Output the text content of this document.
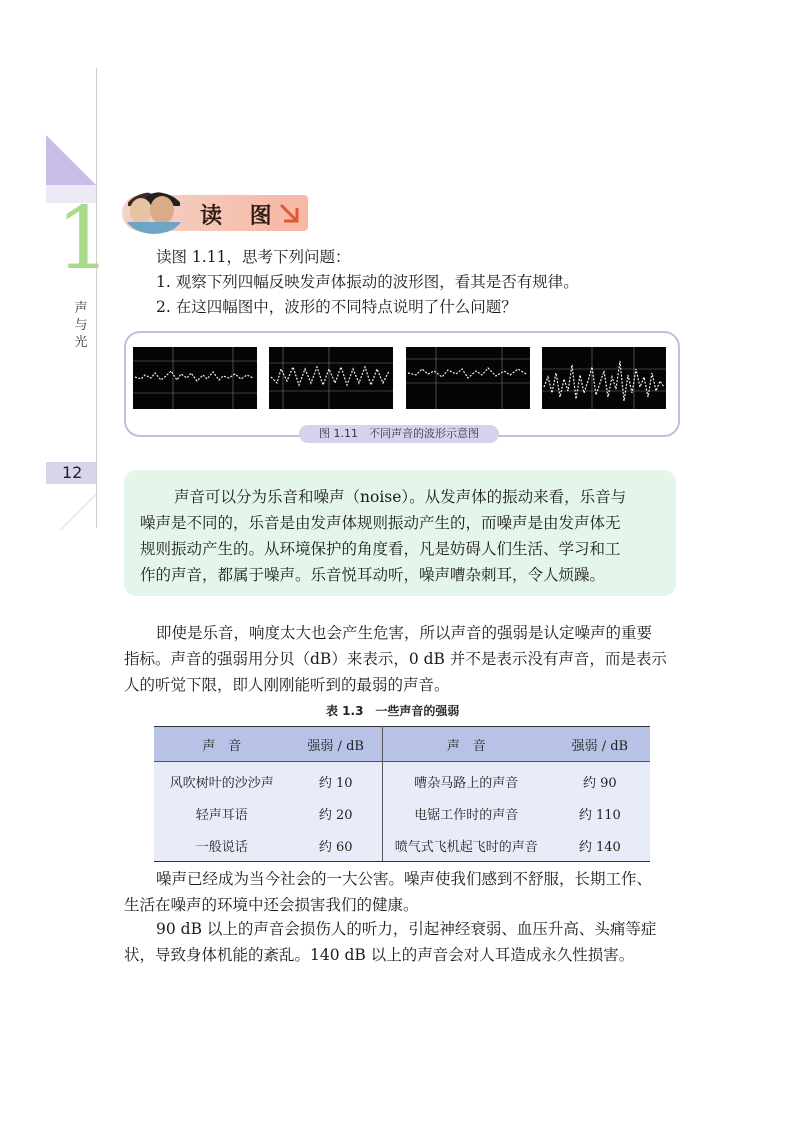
1
声与光
12
读 图
读图 1.11，思考下列问题：
1. 观察下列四幅反映发声体振动的波形图，看其是否有规律。
2. 在这四幅图中，波形的不同特点说明了什么问题？
图 1.11　不同声音的波形示意图
声音可以分为乐音和噪声（noise）。从发声体的振动来看，乐音与
噪声是不同的，乐音是由发声体规则振动产生的，而噪声是由发声体无
规则振动产生的。从环境保护的角度看，凡是妨碍人们生活、学习和工
作的声音，都属于噪声。乐音悦耳动听，噪声嘈杂刺耳，令人烦躁。
即使是乐音，响度太大也会产生危害，所以声音的强弱是认定噪声的重要
指标。声音的强弱用分贝（dB）来表示，0 dB 并不是表示没有声音，而是表示
人的听觉下限，即人刚刚能听到的最弱的声音。
表 1.3　一些声音的强弱
声　音	强弱 / dB	声　音	强弱 / dB
风吹树叶的沙沙声	约 10	嘈杂马路上的声音	约 90
轻声耳语	约 20	电锯工作时的声音	约 110
一般说话	约 60	喷气式飞机起飞时的声音	约 140
噪声已经成为当今社会的一大公害。噪声使我们感到不舒服，长期工作、
生活在噪声的环境中还会损害我们的健康。
90 dB 以上的声音会损伤人的听力，引起神经衰弱、血压升高、头痛等症
状，导致身体机能的紊乱。140 dB 以上的声音会对人耳造成永久性损害。
